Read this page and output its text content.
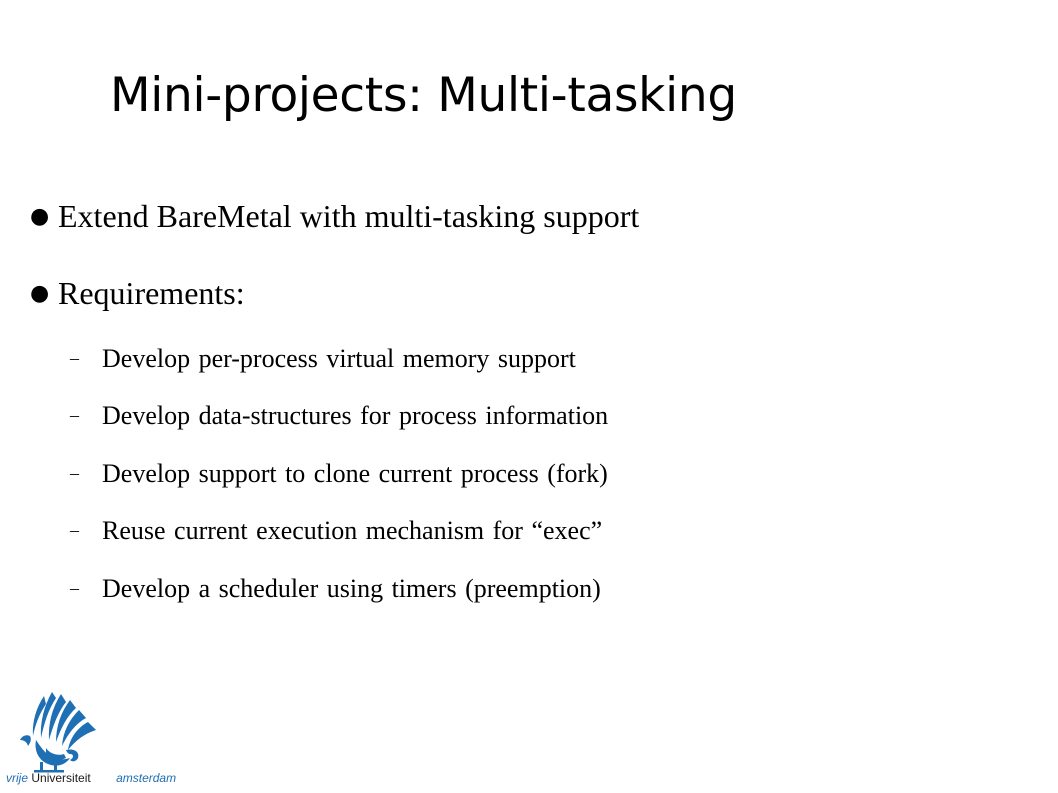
Mini-projects: Multi-tasking
● Extend BareMetal with multi-tasking support
● Requirements:
– Develop per-process virtual memory support
– Develop data-structures for process information
– Develop support to clone current process (fork)
– Reuse current execution mechanism for “exec”
– Develop a scheduler using timers (preemption)
vrije Universiteit amsterdam
